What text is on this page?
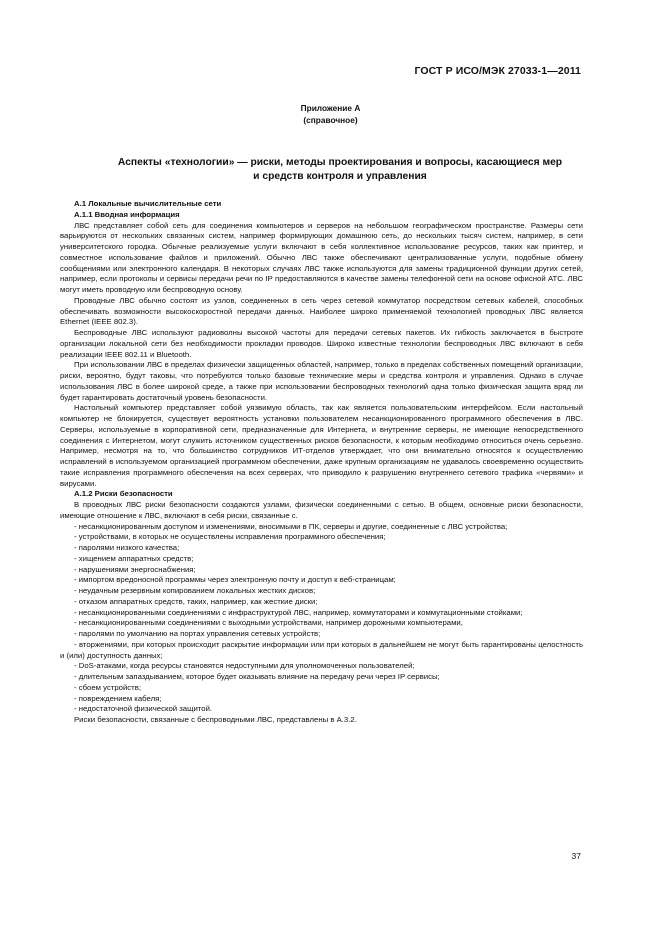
ГОСТ Р ИСО/МЭК 27033-1—2011
Приложение А
(справочное)
Аспекты «технологии» — риски, методы проектирования и вопросы, касающиеся мер
и средств контроля и управления

А.1 Локальные вычислительные сети

А.1.1 Вводная информация

ЛВС представляет собой сеть для соединения компьютеров и серверов на небольшом географическом пространстве. Размеры сети варьируются от нескольких связанных систем, например формирующих домашнюю сеть, до нескольких тысяч систем, например, в сети университетского городка. Обычные реализуемые услуги включают в себя коллективное использование ресурсов, таких как принтер, и совместное использование файлов и приложений. Обычно ЛВС также обеспечивают централизованные услуги, подобные обмену сообщениями или электронного календаря. В некоторых случаях ЛВС также используются для замены традиционной функции других сетей, например, если протоколы и сервисы передачи речи по IP предоставляются в качестве замены телефонной сети на основе офисной АТС. ЛВС могут иметь проводную или беспроводную основу.

Проводные ЛВС обычно состоят из узлов, соединенных в сеть через сетевой коммутатор посредством сетевых кабелей, способных обеспечивать возможности высокоскоростной передачи данных. Наиболее широко применяемой технологией проводных ЛВС является Ethernet (IEEE 802.3).

Беспроводные ЛВС используют радиоволны высокой частоты для передачи сетевых пакетов. Их гибкость заключается в быстроте организации локальной сети без необходимости прокладки проводов. Широко известные технологии беспроводных ЛВС включают в себя реализации IEEE 802.11 и Bluetooth.

При использовании ЛВС в пределах физически защищенных областей, например, только в пределах собственных помещений организации, риски, вероятно, будут таковы, что потребуются только базовые технические меры и средства контроля и управления. Однако в случае использования ЛВС в более широкой среде, а также при использовании беспроводных технологий одна только физическая защита вряд ли будет гарантировать достаточный уровень безопасности.

Настольный компьютер представляет собой уязвимую область, так как является пользовательским интерфейсом. Если настольный компьютер не блокируется, существует вероятность установки пользователем несанкционированного программного обеспечения в ЛВС. Серверы, используемые в корпоративной сети, предназначенные для Интернета, и внутренние серверы, не имеющие непосредственного соединения с Интернетом, могут служить источником существенных рисков безопасности, к которым необходимо относиться очень серьезно. Например, несмотря на то, что большинство сотрудников ИТ-отделов утверждает, что они внимательно относятся к осуществлению исправлений в используемом организацией программном обеспечении, даже крупным организациям не удавалось своевременно осуществить такие исправления программного обеспечения на всех серверах, что приводило к разрушению внутреннего сетевого трафика «червями» и вирусами.

А.1.2 Риски безопасности

В проводных ЛВС риски безопасности создаются узлами, физически соединенными с сетью. В общем, основные риски безопасности, имеющие отношение к ЛВС, включают в себя риски, связанные с.

- несанкционированным доступом и изменениями, вносимыми в ПК, серверы и другие, соединенные с ЛВС устройства;

- устройствами, в которых не осуществлены исправления программного обеспечения;

- паролями низкого качества;

- хищением аппаратных средств;

- нарушениями энергоснабжения;

- импортом вредоносной программы через электронную почту и доступ к веб-страницам;

- неудачным резервным копированием локальных жестких дисков;

- отказом аппаратных средств, таких, например, как жесткие диски;

- несанкционированными соединениями с инфраструктурой ЛВС, например, коммутаторами и коммутационными стойками;

- несанкционированными соединениями с выходными устройствами, например дорожными компьютерами,

- паролями по умолчанию на портах управления сетевых устройств;

- вторжениями, при которых происходит раскрытие информации или при которых в дальнейшем не могут быть гарантированы целостность и (или) доступность данных;

- DoS-атаками, когда ресурсы становятся недоступными для уполномоченных пользователей;

- длительным запаздыванием, которое будет оказывать влияние на передачу речи через IP сервисы;

- сбоем устройств;

- повреждением кабеля;

- недостаточной физической защитой.

Риски безопасности, связанные с беспроводными ЛВС, представлены в А.3.2.

37
